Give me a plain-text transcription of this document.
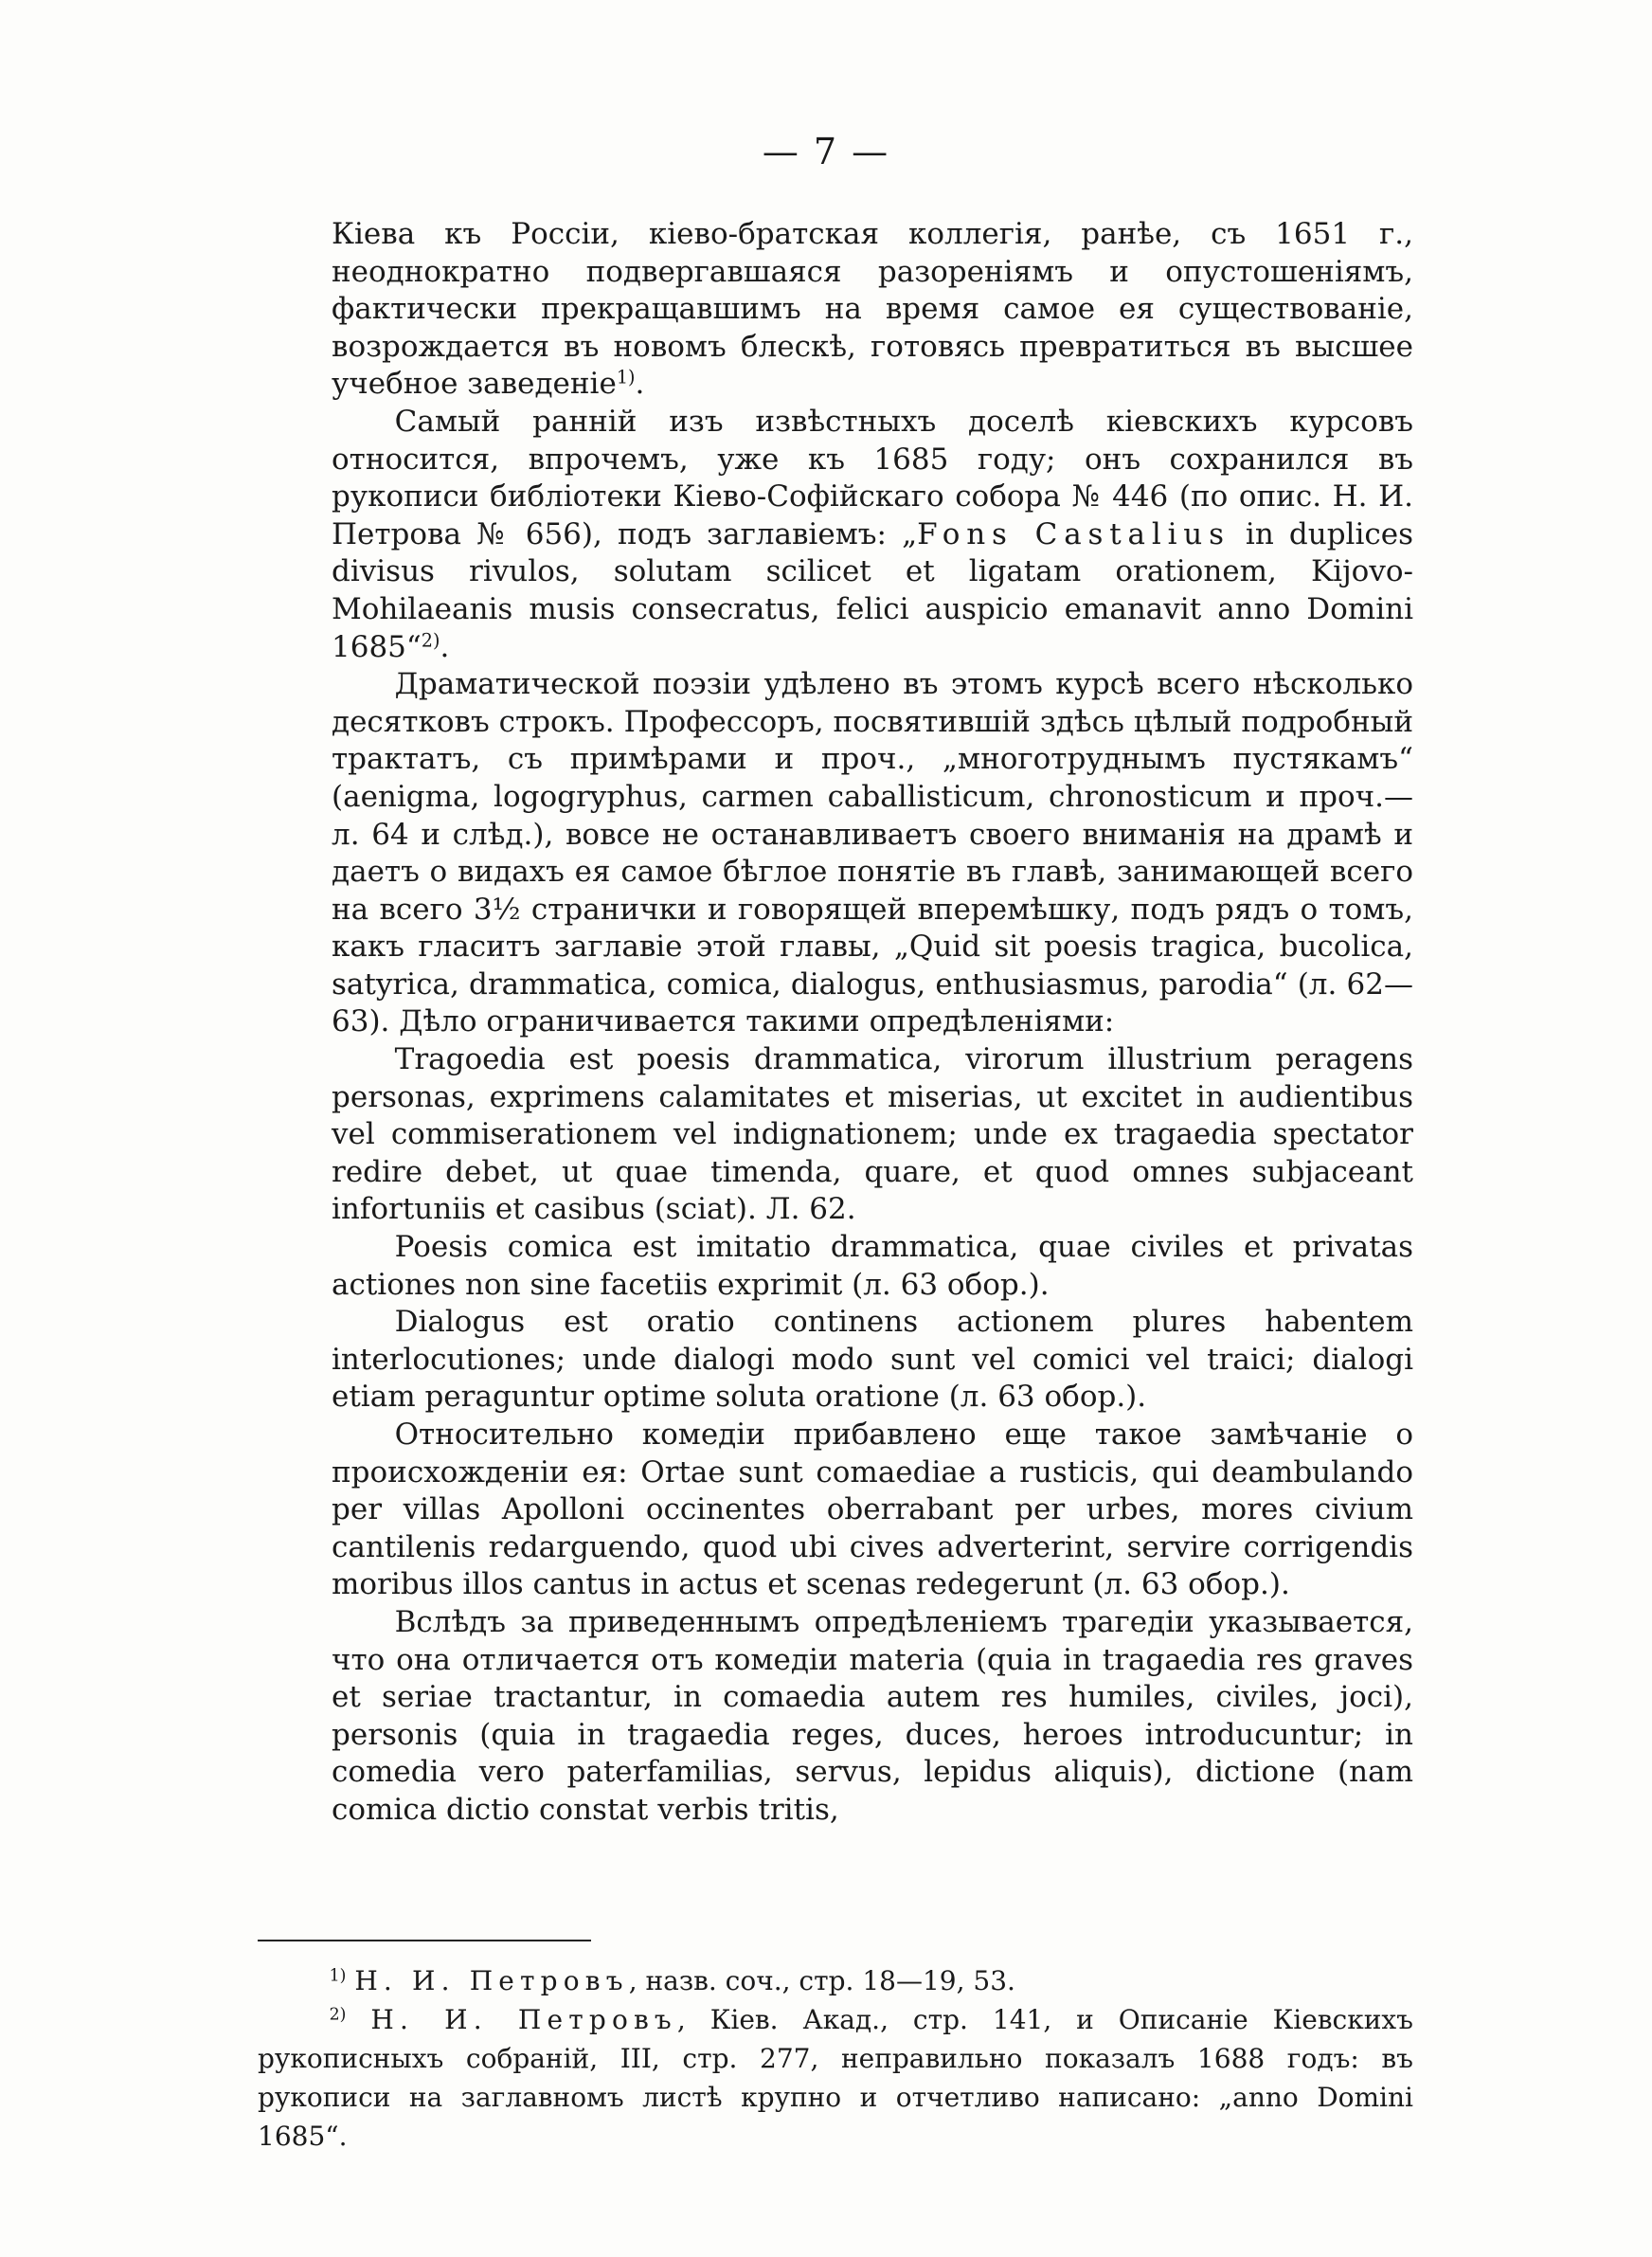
— 7 —

Кіева къ Россіи, кіево-братская коллегія, ранѣе, съ 1651 г., неоднократно подвергавшаяся разореніямъ и опустошеніямъ, фактически прекращавшимъ на время самое ея существованіе, возрождается въ новомъ блескѣ, готовясь превратиться въ высшее учебное заведеніе$^{1)}$.

Самый ранній изъ извѣстныхъ доселѣ кіевскихъ курсовъ относится, впрочемъ, уже къ 1685 году; онъ сохранился въ рукописи библіотеки Кіево-Софійскаго собора № 446 (по опис. Н. И. Петрова № 656), подъ заглавіемъ: „Fons Castalius in duplices divisus rivulos, solutam scilicet et ligatam orationem, Kijovo-Mohilaeanis musis consecratus, felici auspicio emanavit anno Domini 1685“$^{2)}$.

Драматической поэзіи удѣлено въ этомъ курсѣ всего нѣсколько десятковъ строкъ. Профессоръ, посвятившій здѣсь цѣлый подробный трактатъ, съ примѣрами и проч., „многотруднымъ пустякамъ“ (aenigma, logogryphus, carmen caballisticum, chronosticum и проч.—л. 64 и слѣд.), вовсе не останавливаетъ своего вниманія на драмѣ и даетъ о видахъ ея самое бѣглое понятіе въ главѣ, занимающей всего на всего 3½ странички и говорящей вперемѣшку, подъ рядъ о томъ, какъ гласитъ заглавіе этой главы, „Quid sit poesis tragica, bucolica, satyrica, drammatica, comica, dialogus, enthusiasmus, parodia“ (л. 62—63). Дѣло ограничивается такими опредѣленіями:

Tragoedia est poesis drammatica, virorum illustrium peragens personas, exprimens calamitates et miserias, ut excitet in audientibus vel commiserationem vel indignationem; unde ex tragaedia spectator redire debet, ut quae timenda, quare, et quod omnes subjaceant infortuniis et casibus (sciat). Л. 62.

Poesis comica est imitatio drammatica, quae civiles et privatas actiones non sine facetiis exprimit (л. 63 обор.).

Dialogus est oratio continens actionem plures habentem interlocutiones; unde dialogi modo sunt vel comici vel traici; dialogi etiam peraguntur optime soluta oratione (л. 63 обор.).

Относительно комедіи прибавлено еще такое замѣчаніе о происхожденіи ея: Ortae sunt comaediae a rusticis, qui deambulando per villas Apolloni occinentes oberrabant per urbes, mores civium cantilenis redarguendo, quod ubi cives adverterint, servire corrigendis moribus illos cantus in actus et scenas redegerunt (л. 63 обор.).

Вслѣдъ за приведеннымъ опредѣленіемъ трагедіи указывается, что она отличается отъ комедіи materia (quia in tragaedia res graves et seriae tractantur, in comaedia autem res humiles, civiles, joci), personis (quia in tragaedia reges, duces, heroes introducuntur; in comedia vero paterfamilias, servus, lepidus aliquis), dictione (nam comica dictio constat verbis tritis,

$^{1)}$ Н. И. Петровъ, назв. соч., стр. 18—19, 53.

$^{2)}$ Н. И. Петровъ, Кіев. Акад., стр. 141, и Описаніе Кіевскихъ рукописныхъ собраній, III, стр. 277, неправильно показалъ 1688 годъ: въ рукописи на заглавномъ листѣ крупно и отчетливо написано: „anno Domini 1685“.
